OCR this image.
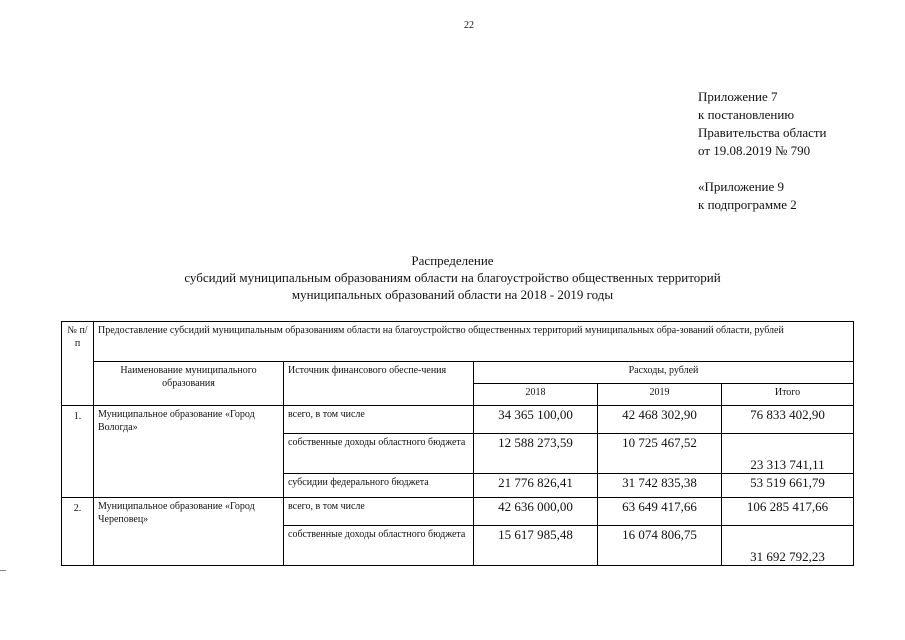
22
Приложение 7
к постановлению
Правительства области
от 19.08.2019 № 790
«Приложение 9
к подпрограмме 2
Распределение
субсидий муниципальным образованиям области на благоустройство общественных территорий
муниципальных образований области на 2018 - 2019 годы
№ п/п	Предоставление субсидий муниципальным образованиям области на благоустройство общественных территорий муниципальных обра-зований области, рублей				
	Наименование муниципального образования	Источник финансового обеспе-чения	Расходы, рублей		
			2018	2019	Итого
1.	Муниципальное образование «Город Вологда»	всего, в том числе	34 365 100,00	42 468 302,90	76 833 402,90
		собственные доходы областного бюджета	12 588 273,59	10 725 467,52	23 313 741,11
		субсидии федерального бюджета	21 776 826,41	31 742 835,38	53 519 661,79
2.	Муниципальное образование «Город Череповец»	всего, в том числе	42 636 000,00	63 649 417,66	106 285 417,66
		собственные доходы областного бюджета	15 617 985,48	16 074 806,75	31 692 792,23
